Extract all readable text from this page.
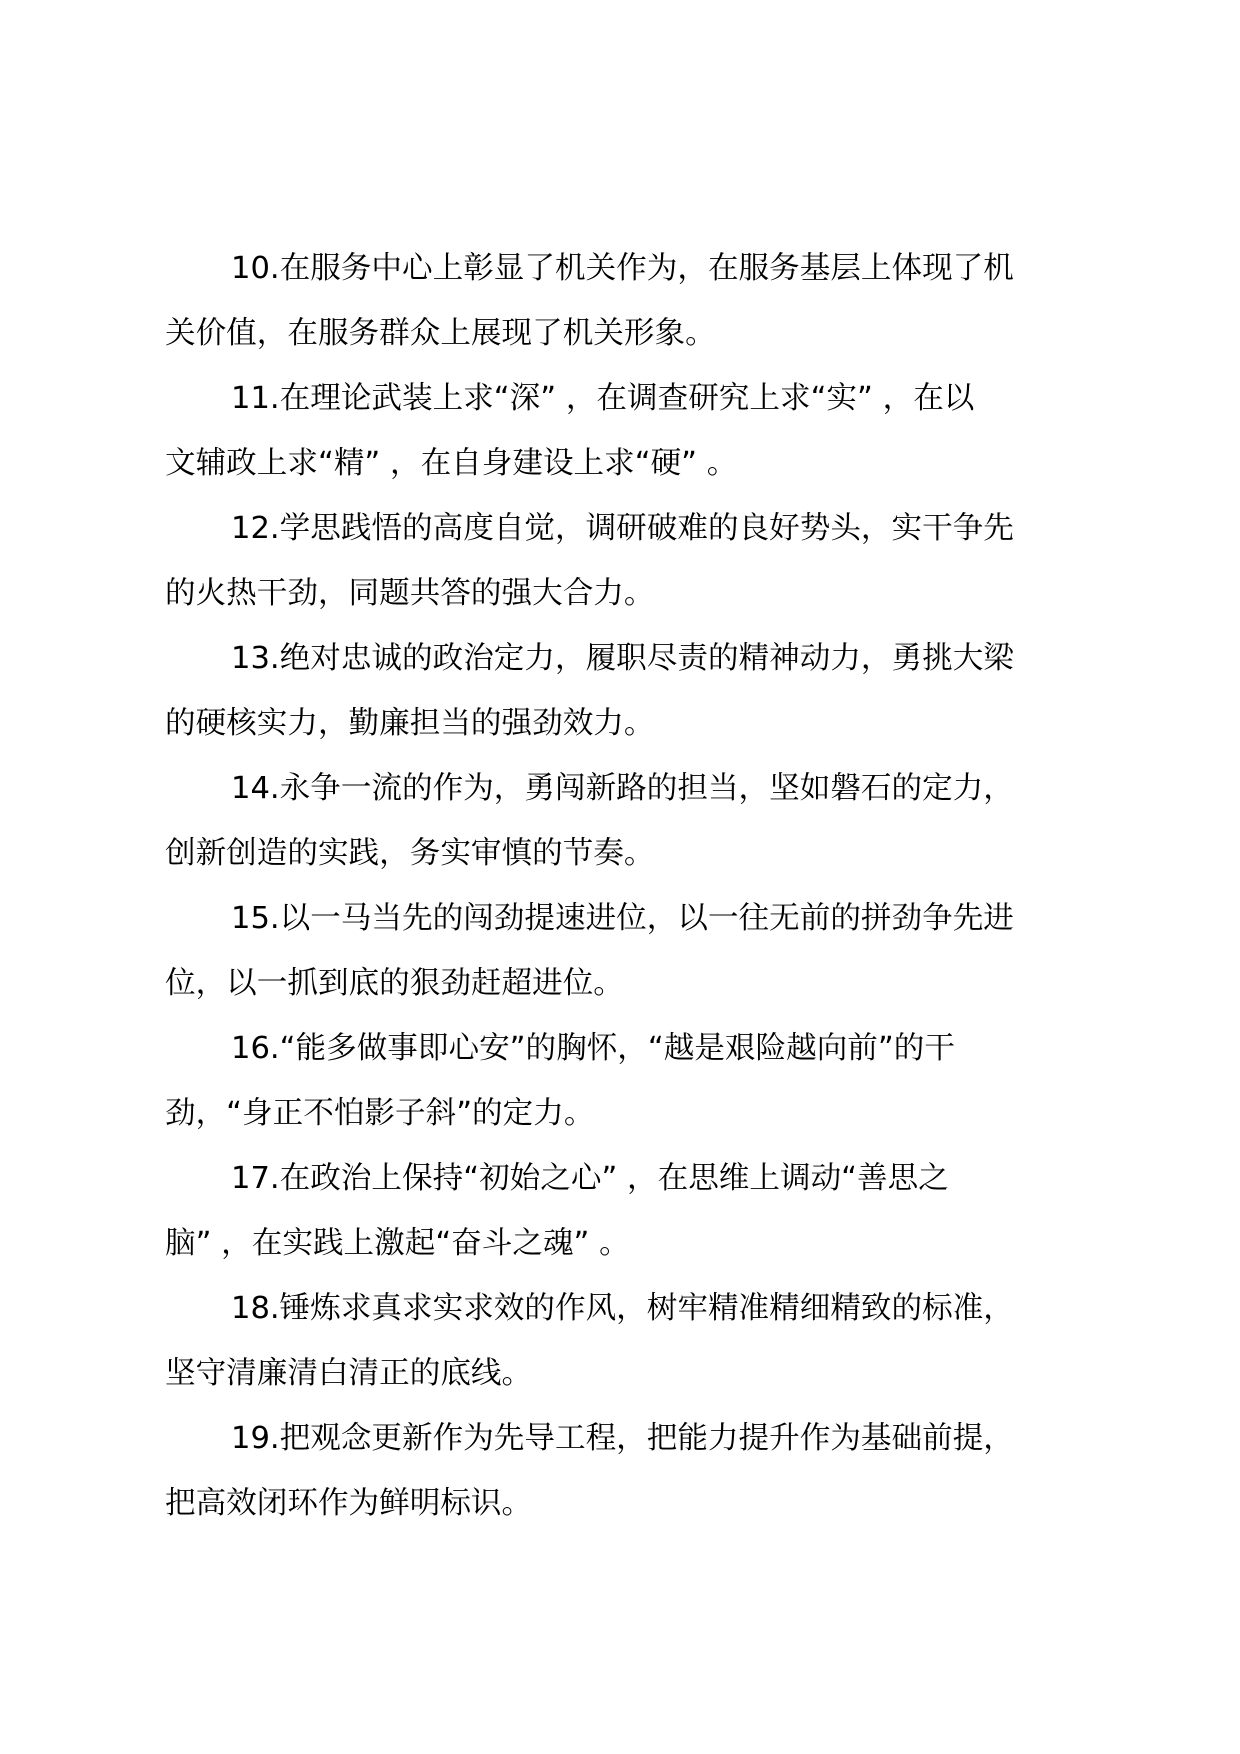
10.在服务中心上彰显了机关作为，在服务基层上体现了机
关价值，在服务群众上展现了机关形象。
11.在理论武装上求“深” ，在调查研究上求“实” ，在以
文辅政上求“精” ，在自身建设上求“硬” 。
12.学思践悟的高度自觉，调研破难的良好势头，实干争先
的火热干劲，同题共答的强大合力。
13.绝对忠诚的政治定力，履职尽责的精神动力，勇挑大梁
的硬核实力，勤廉担当的强劲效力。
14.永争一流的作为，勇闯新路的担当，坚如磐石的定力，
创新创造的实践，务实审慎的节奏。
15.以一马当先的闯劲提速进位，以一往无前的拼劲争先进
位，以一抓到底的狠劲赶超进位。
16.“能多做事即心安”的胸怀，“越是艰险越向前”的干
劲，“身正不怕影子斜”的定力。
17.在政治上保持“初始之心” ，在思维上调动“善思之
脑” ，在实践上激起“奋斗之魂” 。
18.锤炼求真求实求效的作风，树牢精准精细精致的标准，
坚守清廉清白清正的底线。
19.把观念更新作为先导工程，把能力提升作为基础前提，
把高效闭环作为鲜明标识。
